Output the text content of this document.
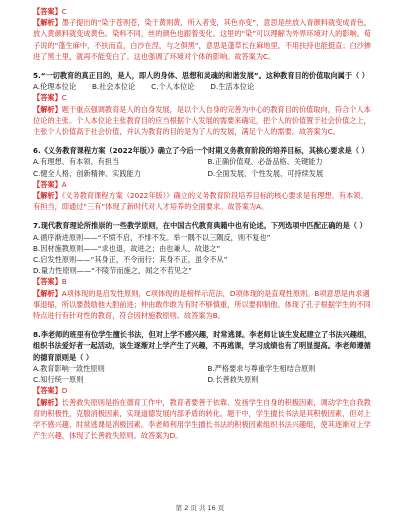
【答案】C

【解析】墨子提出的“染于苍则苍，染于黄则黄，所入者变，其色亦变”，意思是丝放入青颜料就变成青色，放入黄颜料就变成黄色。染料不同，丝的颜色也跟着变化。这里的“染”可以理解为外界环境对人的影响。荀子说的“蓬生麻中，不扶而直，白沙在涅，与之俱黑”，意思是蓬草长在麻地里，不用扶持也能挺直；白沙掺进了黑土里，就再不能变白了。这也强调了环境对个体的影响。故答案为C。

5.“一切教育的真正目的，是人，即人的身体、思想和灵魂的和谐发展”。这种教育目的价值取向属于（ ）

A.伦理本位论 B.社会本位论 C.个人本位论 D.生活本位论

【答案】C

【解析】题干重点强调教育是人的自身发展，是以个人自身的完善为中心的教育目的价值取向，符合个人本位论的主张。个人本位论主张教育目的应当根据个人发展的需要来确定，把个人的价值置于社会价值之上，主张个人价值高于社会价值，并认为教育的目的是为了人的发展，满足个人的需要。故答案为C。

6.《义务教育课程方案（2022年版）》确立了今后一个时期义务教育阶段的培养目标，其核心要求是（ ）

A.有理想、有本领、有担当	B.正确价值观、必备品格、关键能力
C.健全人格、创新精神、实践能力	D.全面发展、个性发展、可持续发展

【答案】A

【解析】《义务教育课程方案（2022年版）》确立的义务教育阶段培养目标的核心要求是有理想、有本领、有担当，即通过“三有”体现了新时代对人才培养的全面要求。故答案为A。

7.现代教育理论所推崇的一些教学原则，在中国古代教育典籍中也有论述。下列选项中匹配正确的是（ ）

A.循序渐进原则——“不愤不启，不悱不发。举一隅不以三隅反，则不复也”

B.因材施教原则——“求也退，故进之；由也兼人，故退之”

C.启发性原则——“其身正，不令而行；其身不正，虽令不从”

D.量力性原则——“不陵节而施之，闻之不若见之”

【答案】B

【解析】A项体现的是启发性原则，C项体现的是榜样示范法，D项体现的是直观性原则。B项意思是冉求遇事退缩，所以要鼓励他大胆前进；仲由敢作敢为有时不够慎重，所以要抑制他。体现了孔子根据学生的不同特点进行有针对性的教育，符合因材施教原则。故答案为B。

8.李老师的班里有位学生擅长书法，但对上学不感兴趣，时常逃课。李老师让该生发起建立了书法兴趣组，组织书法爱好者一起活动，该生逐渐对上学产生了兴趣，不再逃课，学习成绩也有了明显提高。李老师遵循的德育原则是（ ）

A.教育影响一致性原则	B.严格要求与尊重学生相结合原则
C.知行统一原则	D.长善救失原则

【答案】D

【解析】长善救失原则是指在德育工作中，教育者要善于依靠、发扬学生自身的积极因素，调动学生自我教育的积极性，克服消极因素，实现道德发展内部矛盾的转化。题干中，学生擅长书法是其积极因素，但对上学不感兴趣、时常逃课是消极因素。李老师利用学生擅长书法的积极因素组织书法兴趣组，使其逐渐对上学产生兴趣，体现了长善救失原则。故答案为D。

第 2 页 共 16 页
